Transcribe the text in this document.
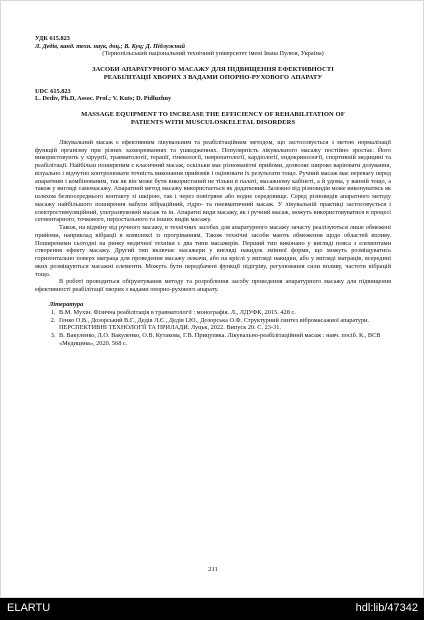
УДК 615.823

Л. Дедів, канд. техн. наук, доц.; В. Куц; Д. Підлужний

(Тернопільський національний технічний університет імені Івана Пулюя, Україна)

ЗАСОБИ АПАРАТУРНОГО МАСАЖУ ДЛЯ ПІДВИЩЕННЯ ЕФЕКТИВНОСТІ
РЕАБІЛІТАЦІЇ ХВОРИХ З ВАДАМИ ОПОРНО-РУХОВОГО АПАРАТУ

UDC 615.823

L. Dediv, Ph.D, Assoc. Prof.; V. Kuts; D. Pidluzhny

MASSAGE EQUIPMENT TO INCREASE THE EFFICIENCY OF REHABILITATION OF
PATIENTS WITH MUSCULOSKELETAL DISORDERS

Лікувальний масаж є ефективним лікувальним та реабілітаційним методом, що застосовується з метою нормалізації функцій організму при різних захворюваннях та ушкодженнях. Популярність лікувального масажу постійно зростає. Його використовують у хірургії, травматології, терапії, гінекології, невропатології, кардіології, ендокринології, спортивній медицині та реабілітації. Найбільш поширеним є класичний масаж, оскільки має різноманітні прийоми, дозволяє широко варіювати дозування, візуально і відчутно контролювати точність виконання прийомів і оцінювати їх результати тощо. Ручний масаж має перевагу перед апаратним і комбінованим, так як він може бути використаний не тільки в палаті, масажному кабінеті, а й удома, у ванній тощо, а також у вигляді самомасажу. Апаратний метод масажу використається як додатковий. Залежно від різновидів може виконуватись як шляхом безпосереднього контакту зі шкірою, так і через повітряне або водне середовище. Серед різновидів апаратного методу масажу найбільшого поширення набули вібраційний, гідро- та пневматичний масаж. У лікувальній практиці застосовується і електростимуляційний, ультразвуковий масаж та ін. Апаратні види масажу, як і ручний масаж, можуть використовуватися в процесі сегментарного, точкового, періостального та інших видів масажу.

Також, на відміну від ручного масажу, в технічних засобах для апаратурного масажу зачасту реалізуються лише обмежені прийоми, наприклад вібрації в комплексі із прогріванням. Також технічні засоби мають обмеження щодо областей впливу. Поширеними сьогодні на ринку медичної техніки є два типи масажерів. Перший тип виконано у вигляді пояса з елементами створення ефекту масажу. Другий тип включає масажери у вигляді накидок змінної форми, що можуть розміщуватись горизонтально поверх матраца для проведення масажу лежачи, або на кріслі у вигляді накидки, або у вигляді матраців, всередині яких розміщуються масажні елементи. Можуть бути передбачені функції підігріву, регулювання сили впливу, частоти вібрацій тощо.

В роботі проводиться обґрунтування методу та розроблення засобу проведення апаратурного масажу для підвищення ефективності реабілітації хворих з вадами опорно-рухового апарату.

Література
1. В.М. Мухін. Фізична реабілітація в травматології : монографія. Л., ЛДУФК, 2015. 428 с.
2. Генко О.В., Дозорський В.Г., Дедів Л.Є., Дедів І.Ю., Дозорська О.Ф. Структурний синтез вібромасажної апаратури. ПЕРСПЕКТИВНІ ТЕХНОЛОГІЇ ТА ПРИЛАДИ. Луцьк, 2022. Випуск 20. С. 23-31.
3. В. Вакуленко, Л.О. Вакуленко, О.В. Кутакова, Г.В. Прицупяка. Лікувально-реабілітаційний масаж : навч. посіб. К., ВСВ «Медицина», 2020. 568 с.
211
ELARTU	hdl:lib/47342
